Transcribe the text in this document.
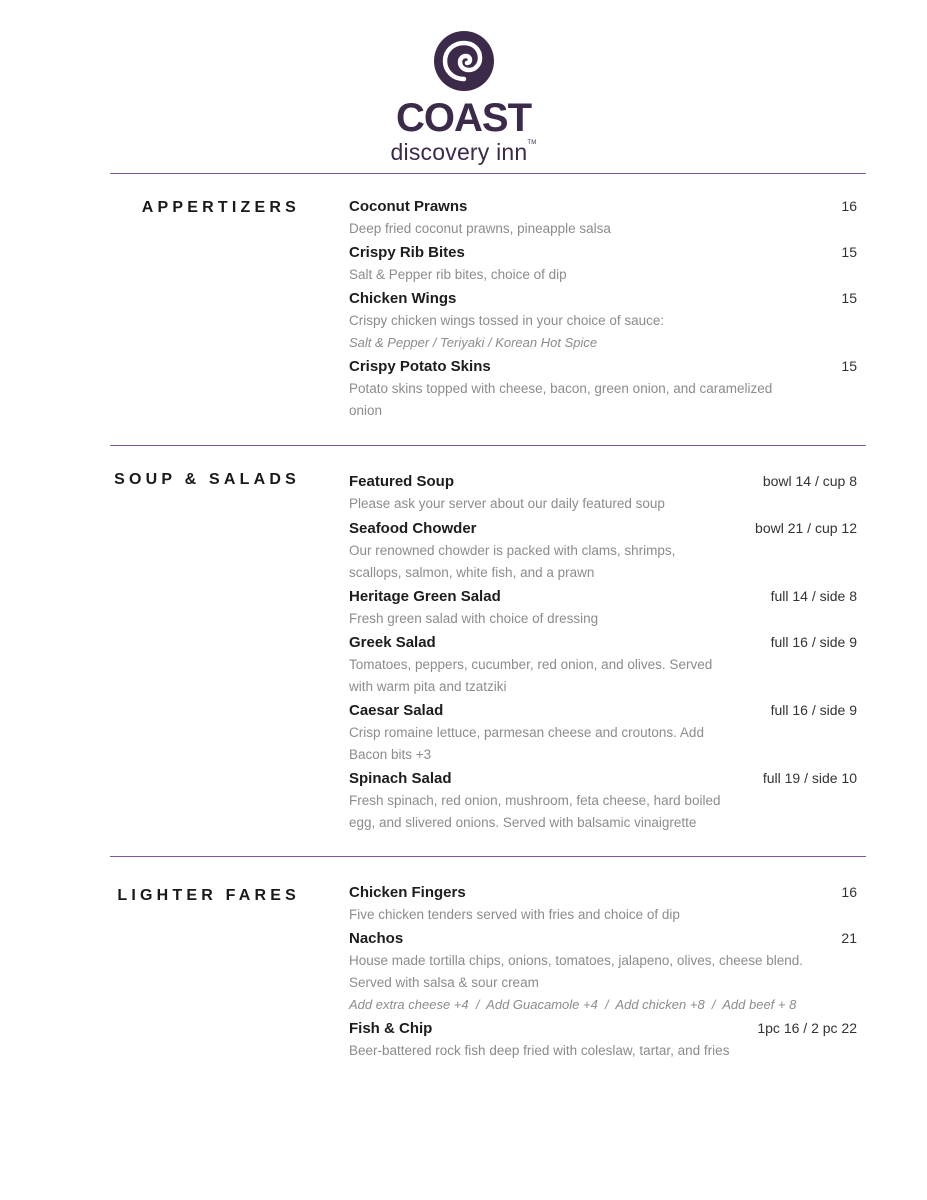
COAST
discovery inn™
APPERTIZERS	Coconut Prawns	16
Deep fried coconut prawns, pineapple salsa
Crispy Rib Bites	15
Salt & Pepper rib bites, choice of dip
Chicken Wings	15
Crispy chicken wings tossed in your choice of sauce:
Salt & Pepper / Teriyaki / Korean Hot Spice
Crispy Potato Skins	15
Potato skins topped with cheese, bacon, green onion, and caramelized onion
SOUP & SALADS	Featured Soup	bowl 14 / cup 8
Please ask your server about our daily featured soup
Seafood Chowder	bowl 21 / cup 12
Our renowned chowder is packed with clams, shrimps, scallops, salmon, white fish, and a prawn
Heritage Green Salad	full 14 / side 8
Fresh green salad with choice of dressing
Greek Salad	full 16 / side 9
Tomatoes, peppers, cucumber, red onion, and olives. Served with warm pita and tzatziki
Caesar Salad	full 16 / side 9
Crisp romaine lettuce, parmesan cheese and croutons. Add Bacon bits +3
Spinach Salad	full 19 / side 10
Fresh spinach, red onion, mushroom, feta cheese, hard boiled egg, and slivered onions. Served with balsamic vinaigrette
LIGHTER FARES	Chicken Fingers	16
Five chicken tenders served with fries and choice of dip
Nachos	21
House made tortilla chips, onions, tomatoes, jalapeno, olives, cheese blend. Served with salsa & sour cream
Add extra cheese +4  /  Add Guacamole +4  /  Add chicken +8  /  Add beef + 8
Fish & Chip	1pc 16 / 2 pc 22
Beer-battered rock fish deep fried with coleslaw, tartar, and fries
